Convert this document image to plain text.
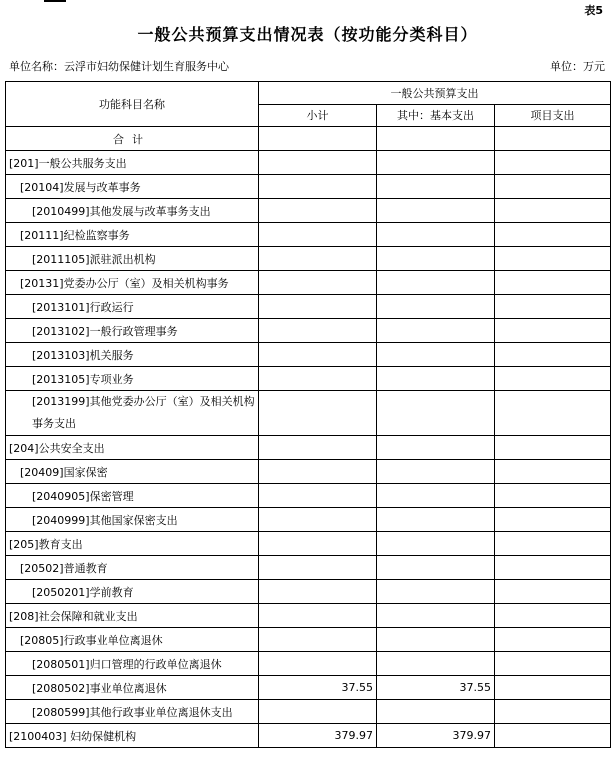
表5
一般公共预算支出情况表（按功能分类科目）
单位名称：云浮市妇幼保健计划生育服务中心	单位：万元
功能科目名称	一般公共预算支出		
	小计	其中：基本支出	项目支出
合计			
[201]一般公共服务支出			
[20104]发展与改革事务			
[2010499]其他发展与改革事务支出			
[20111]纪检监察事务			
[2011105]派驻派出机构			
[20131]党委办公厅（室）及相关机构事务			
[2013101]行政运行			
[2013102]一般行政管理事务			
[2013103]机关服务			
[2013105]专项业务			
[2013199]其他党委办公厅（室）及相关机构事务支出			
[204]公共安全支出			
[20409]国家保密			
[2040905]保密管理			
[2040999]其他国家保密支出			
[205]教育支出			
[20502]普通教育			
[2050201]学前教育			
[208]社会保障和就业支出			
[20805]行政事业单位离退休			
[2080501]归口管理的行政单位离退休			
[2080502]事业单位离退休	37.55	37.55	
[2080599]其他行政事业单位离退休支出			
[2100403] 妇幼保健机构	379.97	379.97	
